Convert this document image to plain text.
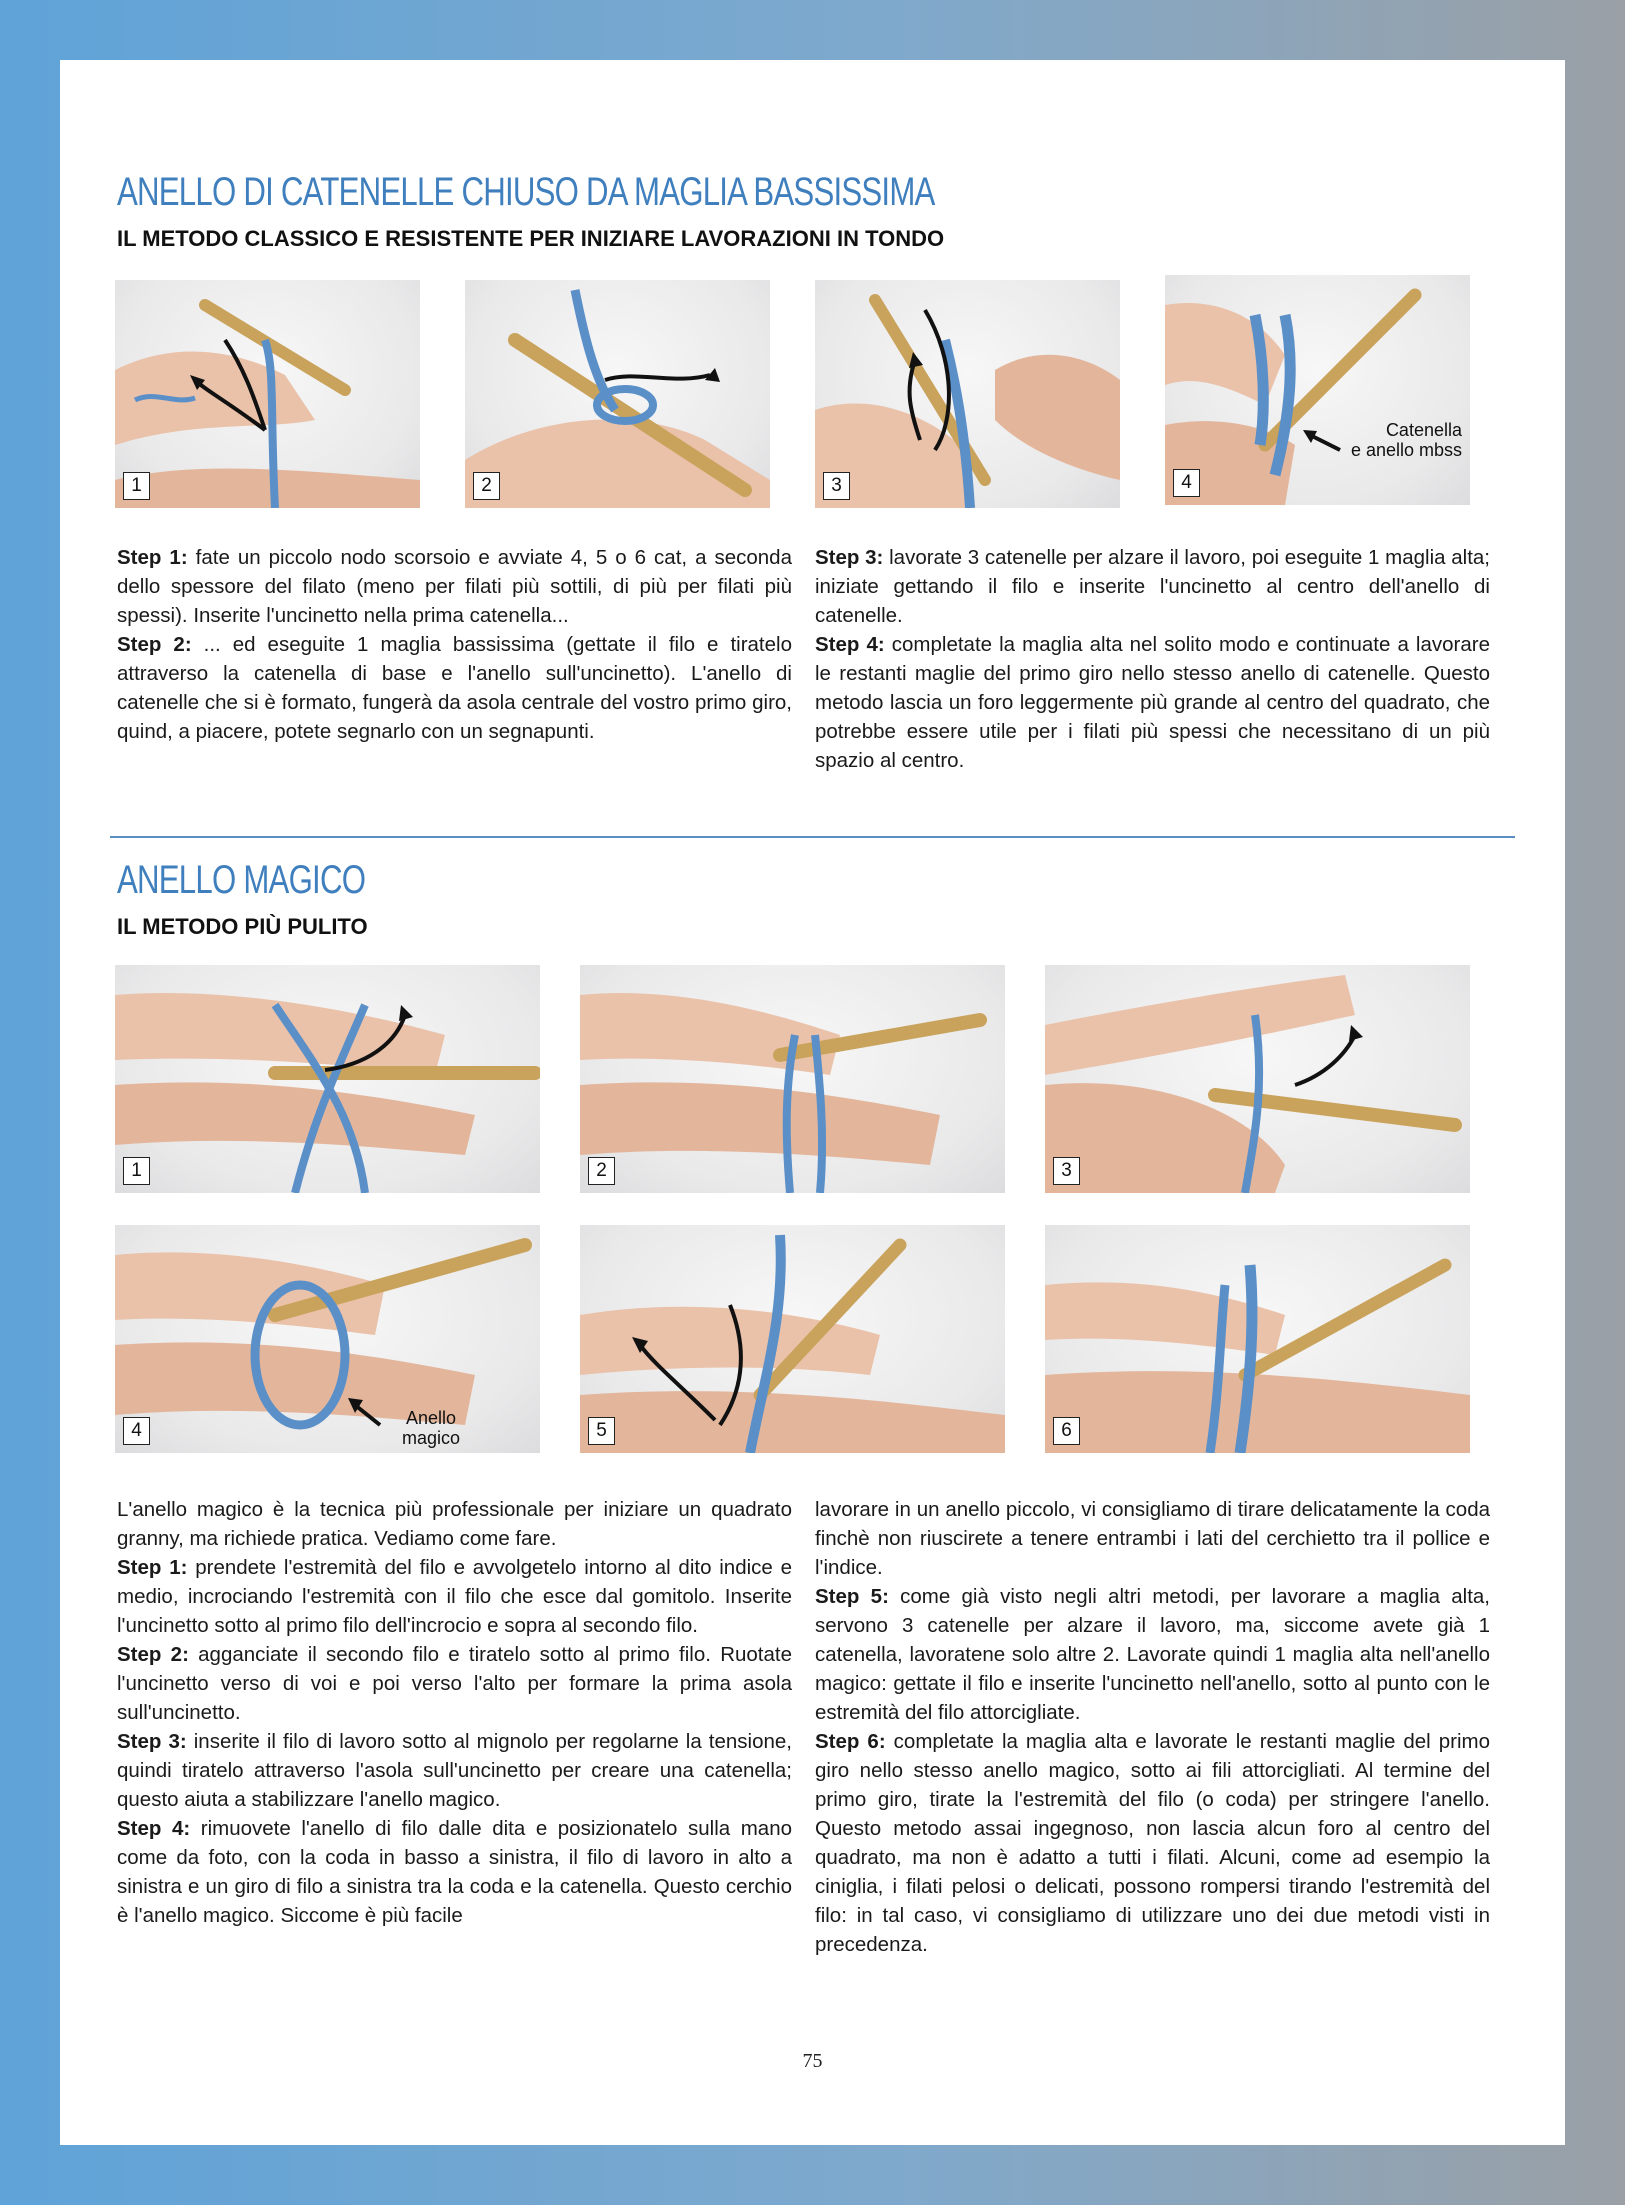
ANELLO DI CATENELLE CHIUSO DA MAGLIA BASSISSIMA
IL METODO CLASSICO E RESISTENTE PER INIZIARE LAVORAZIONI IN TONDO
1	2	3
Catenella
e anello mbss
4

Step 1: fate un piccolo nodo scorsoio e avviate 4, 5 o 6 cat, a seconda dello spessore del filato (meno per filati più sottili, di più per filati più spessi). Inserite l'uncinetto nella prima catenella...

Step 2: ... ed eseguite 1 maglia bassissima (gettate il filo e tiratelo attraverso la catenella di base e l'anello sull'uncinetto). L'anello di catenelle che si è formato, fungerà da asola centrale del vostro primo giro, quind, a piacere, potete segnarlo con un segnapunti.

Step 3: lavorate 3 catenelle per alzare il lavoro, poi eseguite 1 maglia alta; iniziate gettando il filo e inserite l'uncinetto al centro dell'anello di catenelle.

Step 4: completate la maglia alta nel solito modo e continuate a lavorare le restanti maglie del primo giro nello stesso anello di catenelle. Questo metodo lascia un foro leggermente più grande al centro del quadrato, che potrebbe essere utile per i filati più spessi che necessitano di un più spazio al centro.

ANELLO MAGICO
IL METODO PIÙ PULITO
1	2	3
Anello
magico
4	5	6

L'anello magico è la tecnica più professionale per iniziare un quadrato granny, ma richiede pratica. Vediamo come fare.

Step 1: prendete l'estremità del filo e avvolgetelo intorno al dito indice e medio, incrociando l'estremità con il filo che esce dal gomitolo. Inserite l'uncinetto sotto al primo filo dell'incrocio e sopra al secondo filo.

Step 2: agganciate il secondo filo e tiratelo sotto al primo filo. Ruotate l'uncinetto verso di voi e poi verso l'alto per formare la prima asola sull'uncinetto.

Step 3: inserite il filo di lavoro sotto al mignolo per regolarne la tensione, quindi tiratelo attraverso l'asola sull'uncinetto per creare una catenella; questo aiuta a stabilizzare l'anello magico.

Step 4: rimuovete l'anello di filo dalle dita e posizionatelo sulla mano come da foto, con la coda in basso a sinistra, il filo di lavoro in alto a sinistra e un giro di filo a sinistra tra la coda e la catenella. Questo cerchio è l'anello magico. Siccome è più facile

lavorare in un anello piccolo, vi consigliamo di tirare delicatamente la coda finchè non riuscirete a tenere entrambi i lati del cerchietto tra il pollice e l'indice.

Step 5: come già visto negli altri metodi, per lavorare a maglia alta, servono 3 catenelle per alzare il lavoro, ma, siccome avete già 1 catenella, lavoratene solo altre 2. Lavorate quindi 1 maglia alta nell'anello magico: gettate il filo e inserite l'uncinetto nell'anello, sotto al punto con le estremità del filo attorcigliate.

Step 6: completate la maglia alta e lavorate le restanti maglie del primo giro nello stesso anello magico, sotto ai fili attorcigliati. Al termine del primo giro, tirate la l'estremità del filo (o coda) per stringere l'anello. Questo metodo assai ingegnoso, non lascia alcun foro al centro del quadrato, ma non è adatto a tutti i filati. Alcuni, come ad esempio la ciniglia, i filati pelosi o delicati, possono rompersi tirando l'estremità del filo: in tal caso, vi consigliamo di utilizzare uno dei due metodi visti in precedenza.

75
